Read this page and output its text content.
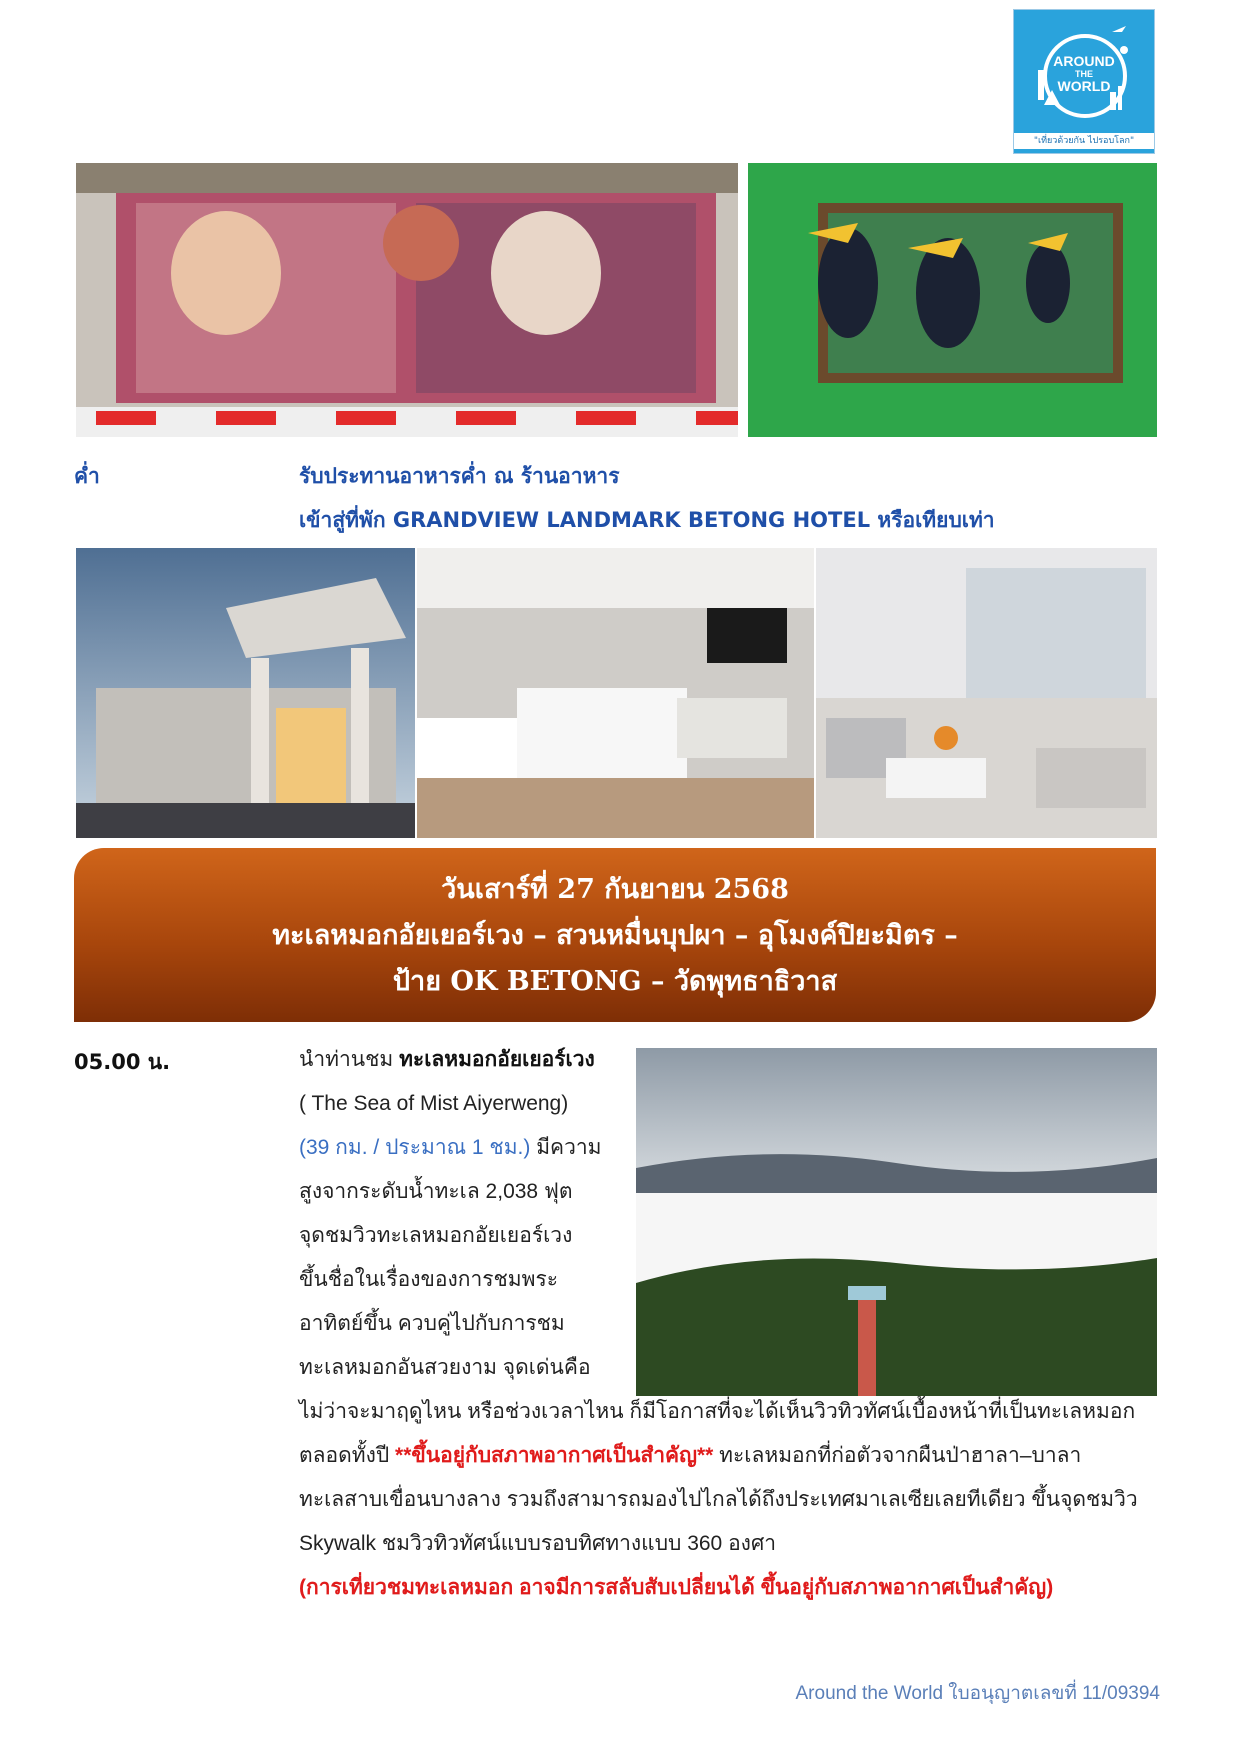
AROUND
THE
WORLD
"เที่ยวด้วยกัน ไปรอบโลก"
ค่ำ	รับประทานอาหารค่ำ ณ ร้านอาหาร
เข้าสู่ที่พัก GRANDVIEW LANDMARK BETONG HOTEL หรือเทียบเท่า
วันเสาร์ที่ 27 กันยายน 2568
ทะเลหมอกอัยเยอร์เวง – สวนหมื่นบุปผา – อุโมงค์ปิยะมิตร –
ป้าย OK BETONG – วัดพุทธาธิวาส
05.00 น.	นำท่านชม ทะเลหมอกอัยเยอร์เวง
( The Sea of Mist Aiyerweng)
(39 กม. / ประมาณ 1 ชม.) มีความ
สูงจากระดับน้ำทะเล 2,038 ฟุต
จุดชมวิวทะเลหมอกอัยเยอร์เวง
ขึ้นชื่อในเรื่องของการชมพระ
อาทิตย์ขึ้น ควบคู่ไปกับการชม
ทะเลหมอกอันสวยงาม จุดเด่นคือ
ไม่ว่าจะมาฤดูไหน หรือช่วงเวลาไหน ก็มีโอกาสที่จะได้เห็นวิวทิวทัศน์เบื้องหน้าที่เป็นทะเลหมอก
ตลอดทั้งปี **ขึ้นอยู่กับสภาพอากาศเป็นสำคัญ** ทะเลหมอกที่ก่อตัวจากผืนป่าฮาลา–บาลา
ทะเลสาบเขื่อนบางลาง รวมถึงสามารถมองไปไกลได้ถึงประเทศมาเลเซียเลยทีเดียว ขึ้นจุดชมวิว
Skywalk ชมวิวทิวทัศน์แบบรอบทิศทางแบบ 360 องศา
(การเที่ยวชมทะเลหมอก อาจมีการสลับสับเปลี่ยนได้ ขึ้นอยู่กับสภาพอากาศเป็นสำคัญ)
Around the World ใบอนุญาตเลขที่ 11/09394
